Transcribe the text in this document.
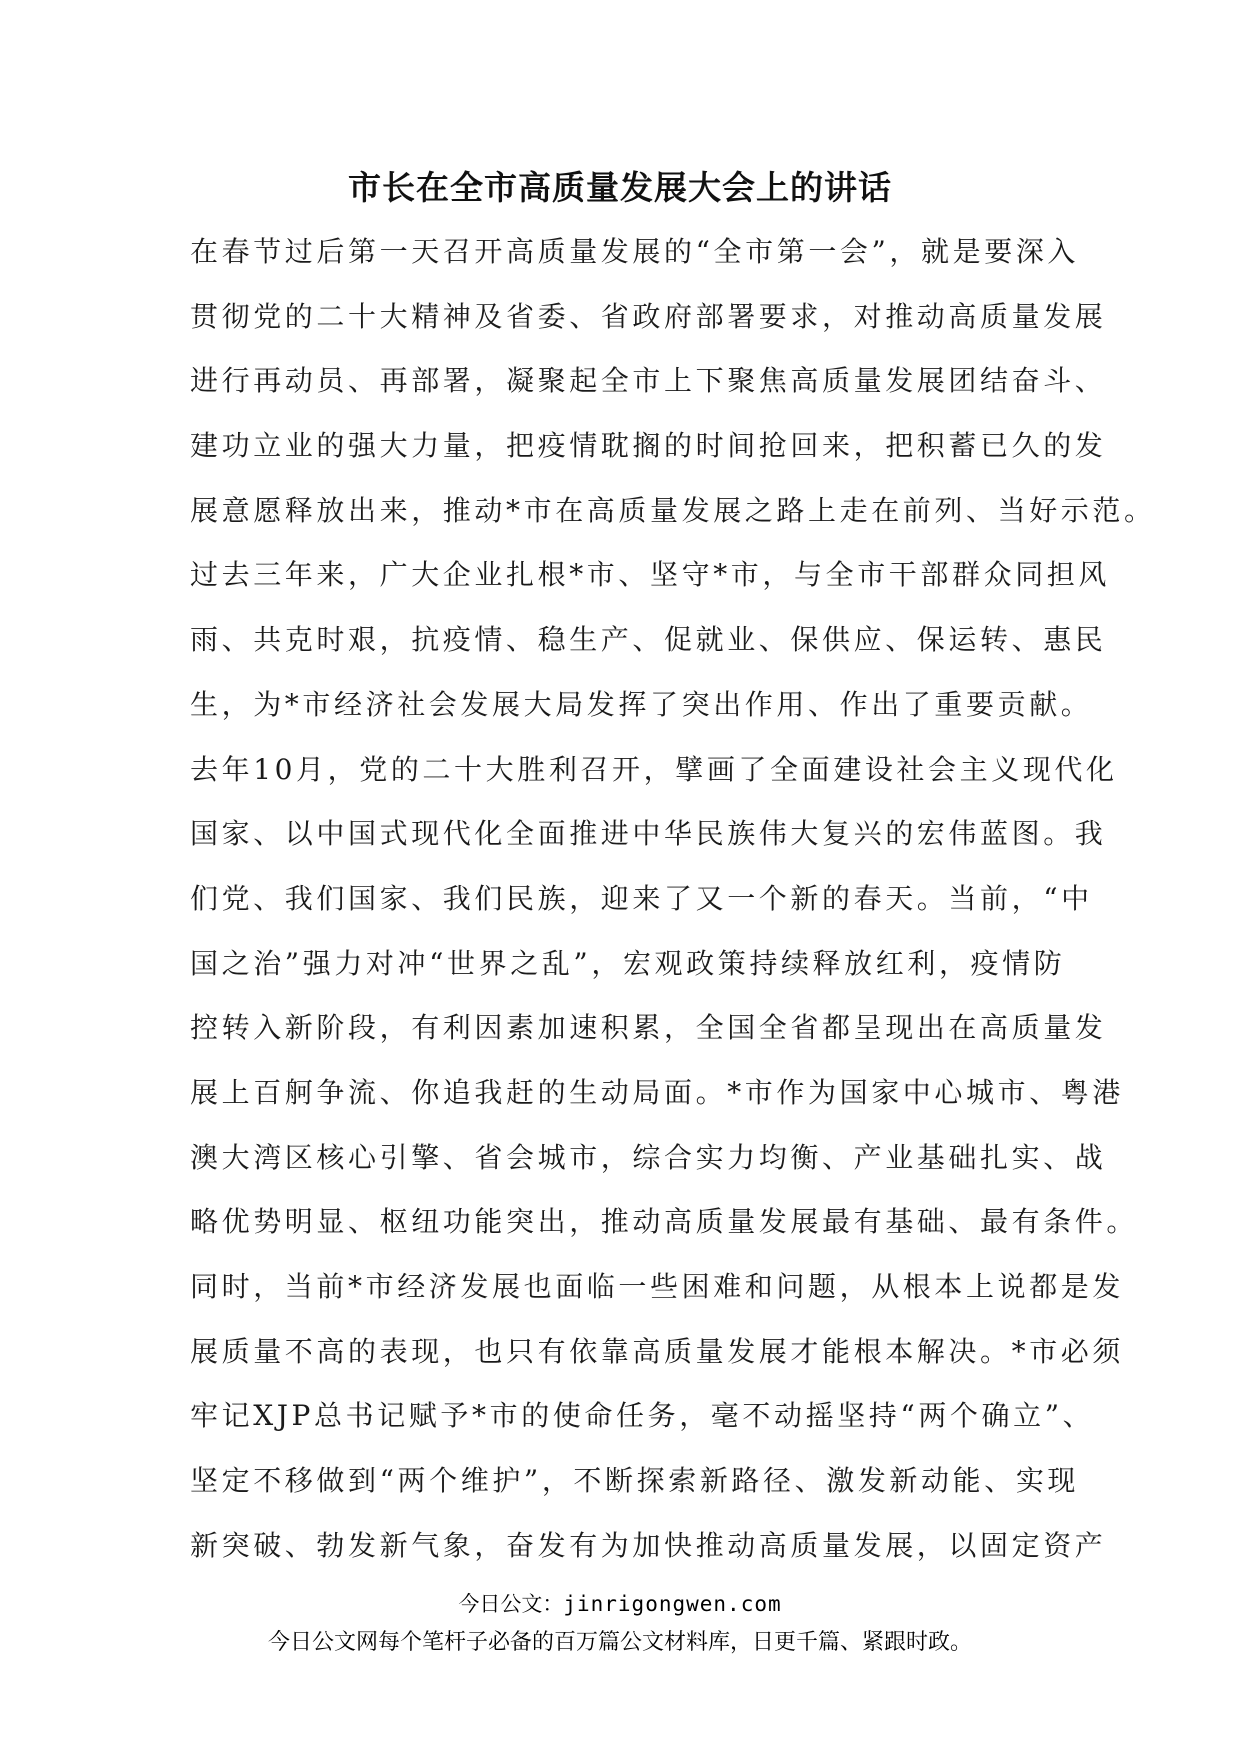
市长在全市高质量发展大会上的讲话
在春节过后第一天召开高质量发展的“全市第一会”，就是要深入
贯彻党的二十大精神及省委、省政府部署要求，对推动高质量发展
进行再动员、再部署，凝聚起全市上下聚焦高质量发展团结奋斗、
建功立业的强大力量，把疫情耽搁的时间抢回来，把积蓄已久的发
展意愿释放出来，推动*市在高质量发展之路上走在前列、当好示范。
过去三年来，广大企业扎根*市、坚守*市，与全市干部群众同担风
雨、共克时艰，抗疫情、稳生产、促就业、保供应、保运转、惠民
生，为*市经济社会发展大局发挥了突出作用、作出了重要贡献。
去年10月，党的二十大胜利召开，擘画了全面建设社会主义现代化
国家、以中国式现代化全面推进中华民族伟大复兴的宏伟蓝图。我
们党、我们国家、我们民族，迎来了又一个新的春天。当前，“中
国之治”强力对冲“世界之乱”，宏观政策持续释放红利，疫情防
控转入新阶段，有利因素加速积累，全国全省都呈现出在高质量发
展上百舸争流、你追我赶的生动局面。*市作为国家中心城市、粤港
澳大湾区核心引擎、省会城市，综合实力均衡、产业基础扎实、战
略优势明显、枢纽功能突出，推动高质量发展最有基础、最有条件。
同时，当前*市经济发展也面临一些困难和问题，从根本上说都是发
展质量不高的表现，也只有依靠高质量发展才能根本解决。*市必须
牢记XJP总书记赋予*市的使命任务，毫不动摇坚持“两个确立”、
坚定不移做到“两个维护”，不断探索新路径、激发新动能、实现
新突破、勃发新气象，奋发有为加快推动高质量发展，以固定资产
今日公文：jinrigongwen.com
今日公文网每个笔杆子必备的百万篇公文材料库，日更千篇、紧跟时政。
